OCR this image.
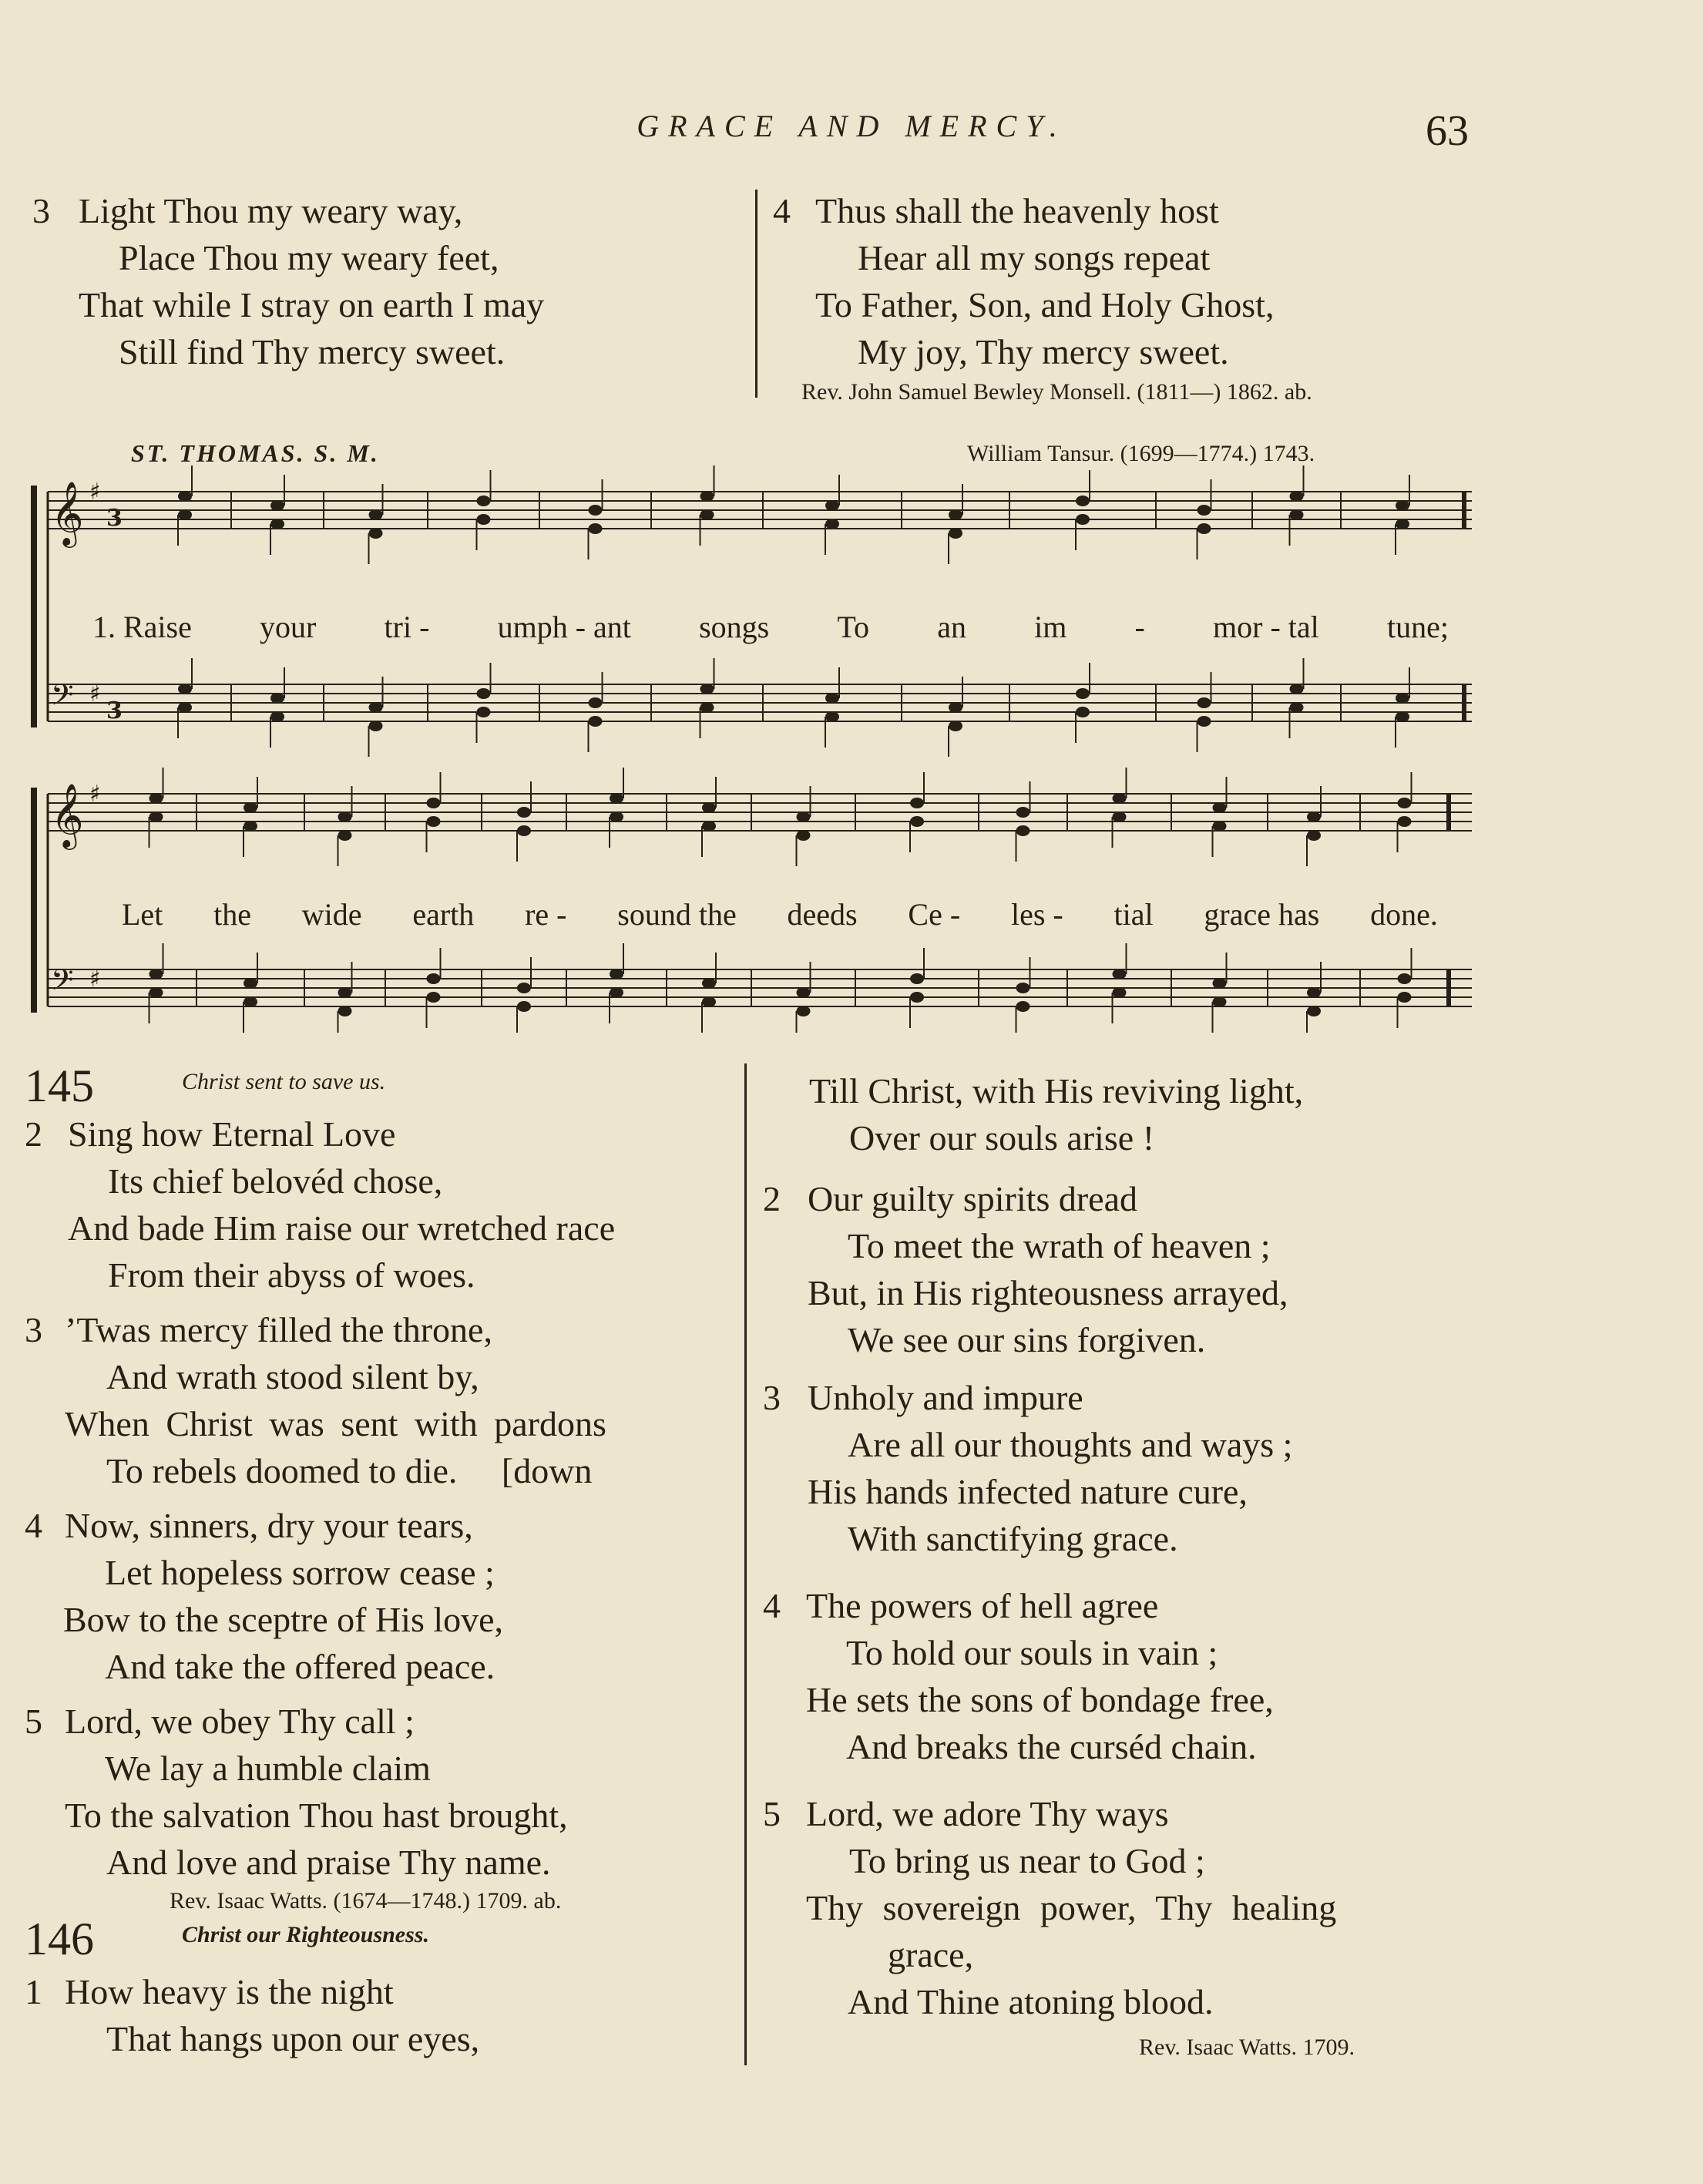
GRACE AND MERCY.	63
3 Light Thou my weary way,
Place Thou my weary feet,
That while I stray on earth I may
Still find Thy mercy sweet.
4 Thus shall the heavenly host
Hear all my songs repeat
To Father, Son, and Holy Ghost,
My joy, Thy mercy sweet.
Rev. John Samuel Bewley Monsell. (1811—) 1862. ab.
ST. THOMAS. S. M.	William Tansur. (1699—1774.) 1743.
𝄞 ♯
3
𝄢 ♯
3
𝄞 ♯
𝄢 ♯
1. Raise your tri - umph - ant songs To an im - mor - tal tune;
Let the wide earth re - sound the deeds Ce - les - tial grace has done.
145	Christ sent to save us.
2 Sing how Eternal Love
Its chief belovéd chose,
And bade Him raise our wretched race
From their abyss of woes.
3 ’Twas mercy filled the throne,
And wrath stood silent by,
When Christ was sent with pardons
To rebels doomed to die.     [down
4 Now, sinners, dry your tears,
Let hopeless sorrow cease ;
Bow to the sceptre of His love,
And take the offered peace.
5 Lord, we obey Thy call ;
We lay a humble claim
To the salvation Thou hast brought,
And love and praise Thy name.
Rev. Isaac Watts. (1674—1748.) 1709. ab.
146	Christ our Righteousness.
1 How heavy is the night
That hangs upon our eyes,
Till Christ, with His reviving light,
Over our souls arise !
2 Our guilty spirits dread
To meet the wrath of heaven ;
But, in His righteousness arrayed,
We see our sins forgiven.
3 Unholy and impure
Are all our thoughts and ways ;
His hands infected nature cure,
With sanctifying grace.
4 The powers of hell agree
To hold our souls in vain ;
He sets the sons of bondage free,
And breaks the curséd chain.
5 Lord, we adore Thy ways
To bring us near to God ;
Thy sovereign power, Thy healing
grace,
And Thine atoning blood.
Rev. Isaac Watts. 1709.
